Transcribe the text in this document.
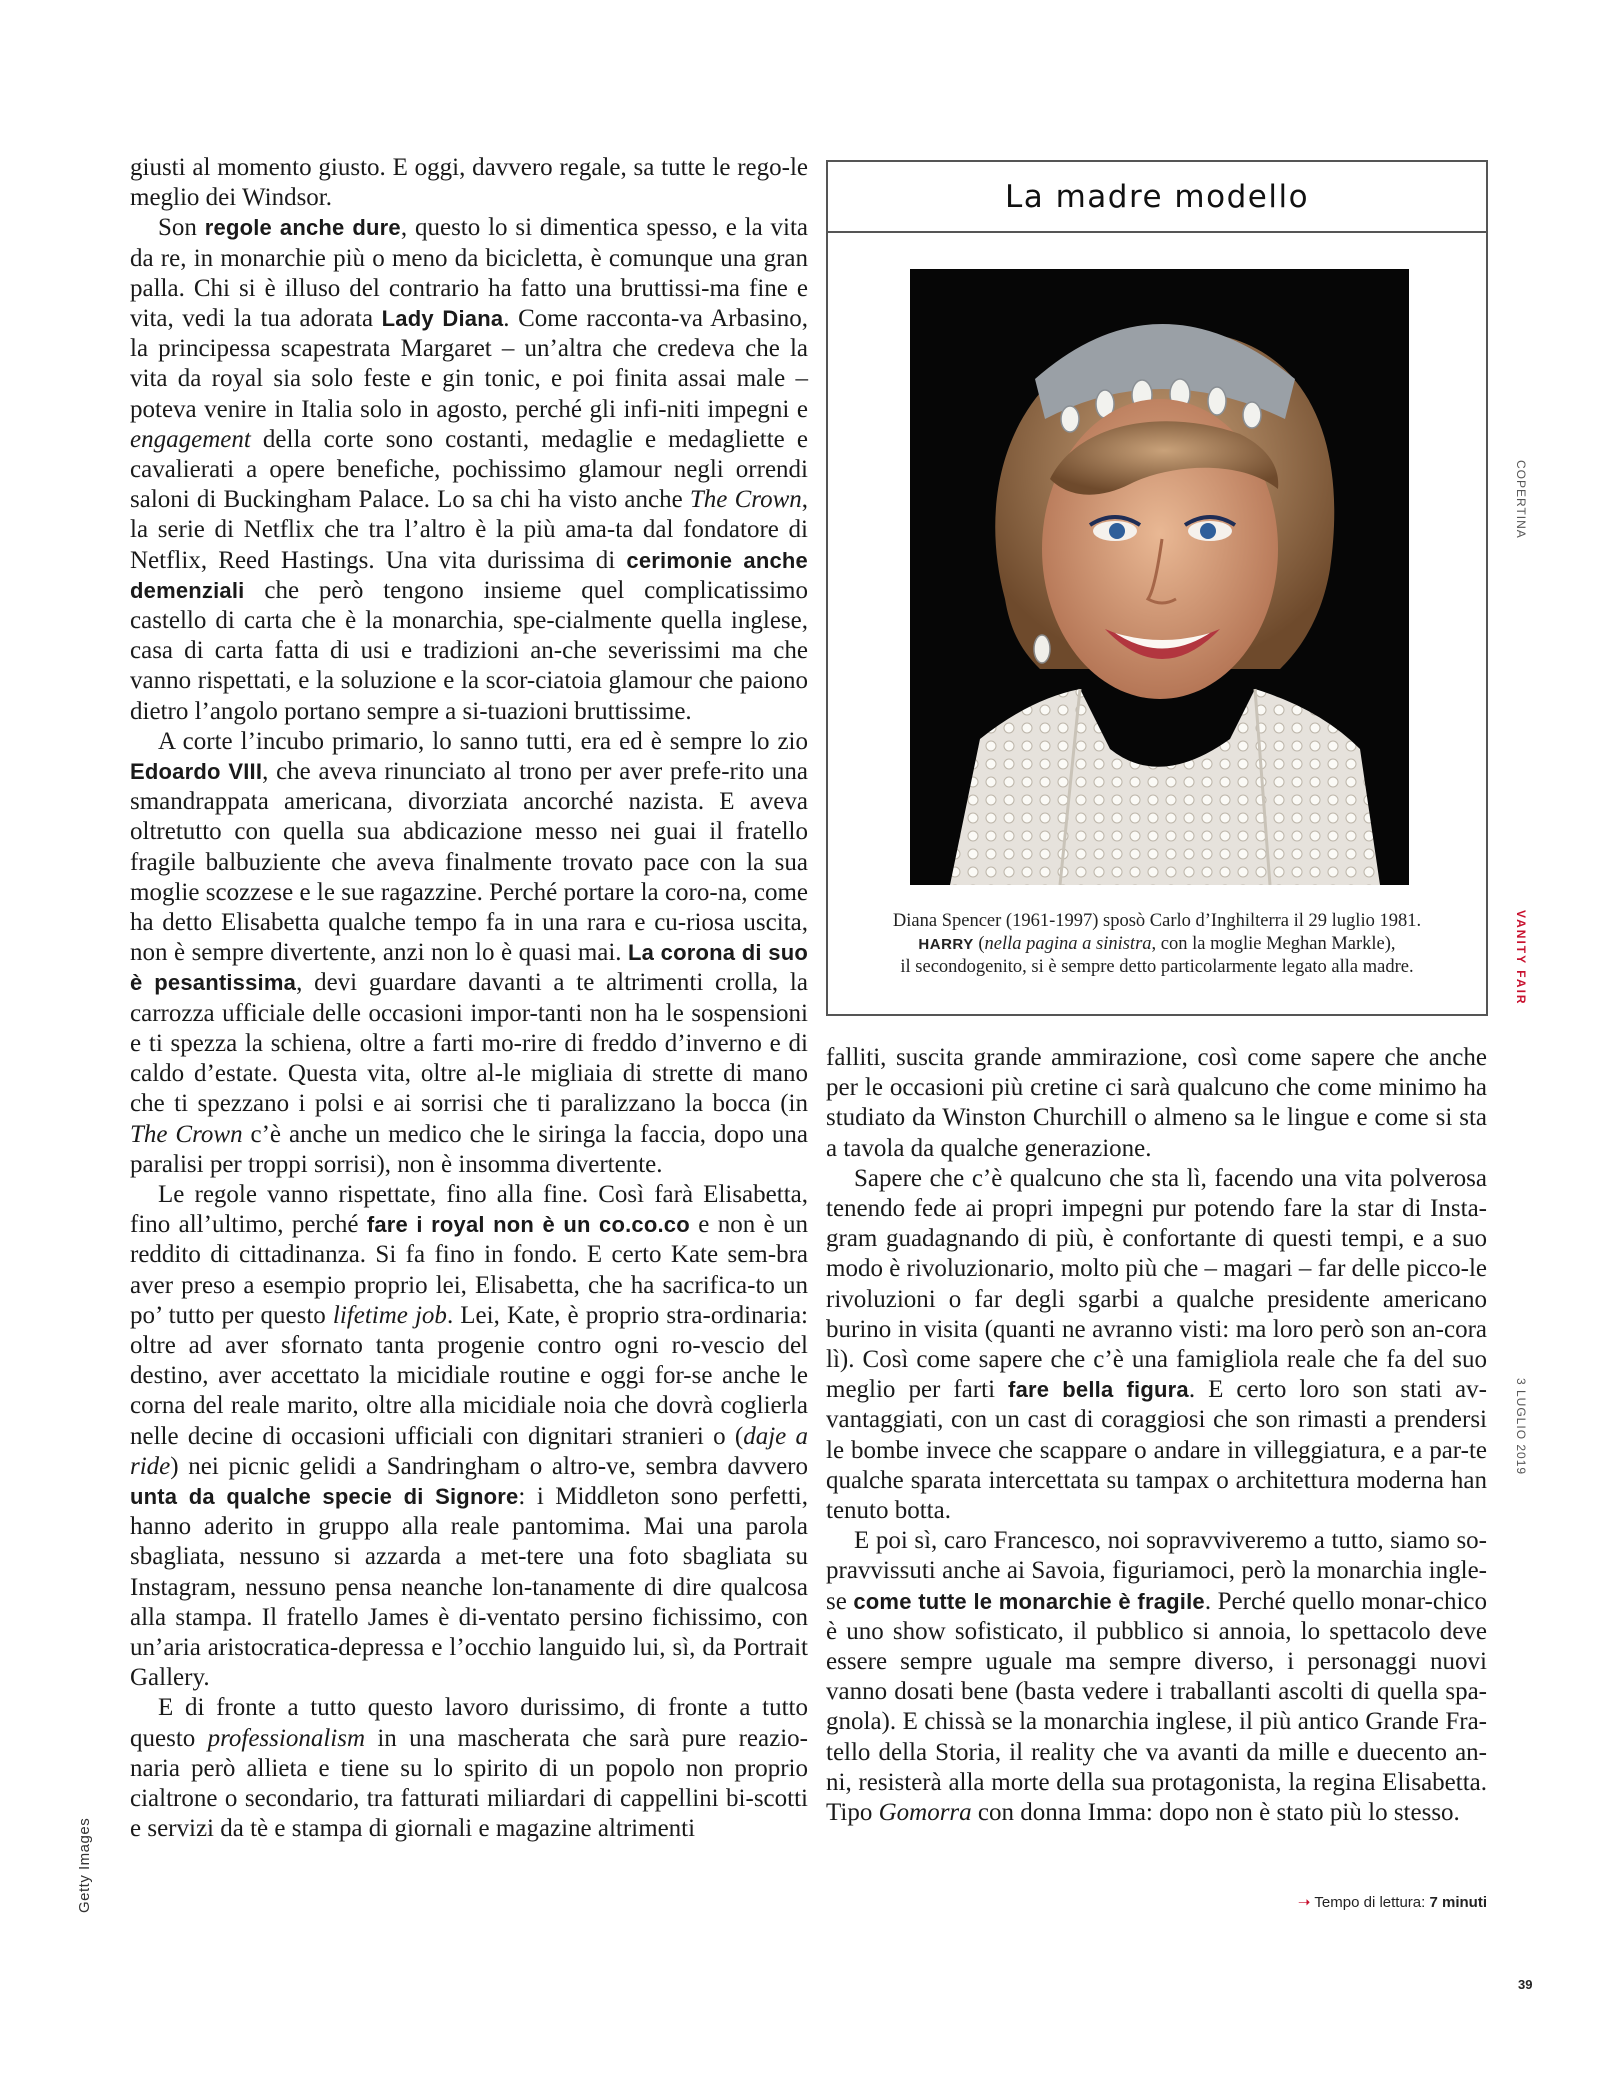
giusti al momento giusto. E oggi, davvero regale, sa tutte le rego-le meglio dei Windsor.

Son regole anche dure, questo lo si dimentica spesso, e la vita da re, in monarchie più o meno da bicicletta, è comunque una gran palla. Chi si è illuso del contrario ha fatto una bruttissi-ma fine e vita, vedi la tua adorata Lady Diana. Come racconta-va Arbasino, la principessa scapestrata Margaret – un’altra che credeva che la vita da royal sia solo feste e gin tonic, e poi finita assai male – poteva venire in Italia solo in agosto, perché gli infi-niti impegni e engagement della corte sono costanti, medaglie e medagliette e cavalierati a opere benefiche, pochissimo glamour negli orrendi saloni di Buckingham Palace. Lo sa chi ha visto anche The Crown, la serie di Netflix che tra l’altro è la più ama-ta dal fondatore di Netflix, Reed Hastings. Una vita durissima di cerimonie anche demenziali che però tengono insieme quel complicatissimo castello di carta che è la monarchia, spe-cialmente quella inglese, casa di carta fatta di usi e tradizioni an-che severissimi ma che vanno rispettati, e la soluzione e la scor-ciatoia glamour che paiono dietro l’angolo portano sempre a si-tuazioni bruttissime.

A corte l’incubo primario, lo sanno tutti, era ed è sempre lo zio Edoardo VIII, che aveva rinunciato al trono per aver prefe-rito una smandrappata americana, divorziata ancorché nazista. E aveva oltretutto con quella sua abdicazione messo nei guai il fratello fragile balbuziente che aveva finalmente trovato pace con la sua moglie scozzese e le sue ragazzine. Perché portare la coro-na, come ha detto Elisabetta qualche tempo fa in una rara e cu-riosa uscita, non è sempre divertente, anzi non lo è quasi mai. La corona di suo è pesantissima, devi guardare davanti a te altrimenti crolla, la carrozza ufficiale delle occasioni impor-tanti non ha le sospensioni e ti spezza la schiena, oltre a farti mo-rire di freddo d’inverno e di caldo d’estate. Questa vita, oltre al-le migliaia di strette di mano che ti spezzano i polsi e ai sorrisi che ti paralizzano la bocca (in The Crown c’è anche un medico che le siringa la faccia, dopo una paralisi per troppi sorrisi), non è insomma divertente.

Le regole vanno rispettate, fino alla fine. Così farà Elisabetta, fino all’ultimo, perché fare i royal non è un co.co.co e non è un reddito di cittadinanza. Si fa fino in fondo. E certo Kate sem-bra aver preso a esempio proprio lei, Elisabetta, che ha sacrifica-to un po’ tutto per questo lifetime job. Lei, Kate, è proprio stra-ordinaria: oltre ad aver sfornato tanta progenie contro ogni ro-vescio del destino, aver accettato la micidiale routine e oggi for-se anche le corna del reale marito, oltre alla micidiale noia che dovrà coglierla nelle decine di occasioni ufficiali con dignitari stranieri o (daje a ride) nei picnic gelidi a Sandringham o altro-ve, sembra davvero unta da qualche specie di Signore: i Middleton sono perfetti, hanno aderito in gruppo alla reale pantomima. Mai una parola sbagliata, nessuno si azzarda a met-tere una foto sbagliata su Instagram, nessuno pensa neanche lon-tanamente di dire qualcosa alla stampa. Il fratello James è di-ventato persino fichissimo, con un’aria aristocratica-depressa e l’occhio languido lui, sì, da Portrait Gallery.

E di fronte a tutto questo lavoro durissimo, di fronte a tutto questo professionalism in una mascherata che sarà pure reazio-naria però allieta e tiene su lo spirito di un popolo non proprio cialtrone o secondario, tra fatturati miliardari di cappellini bi-scotti e servizi da tè e stampa di giornali e magazine altrimenti

La madre modello
Diana Spencer (1961-1997) sposò Carlo d’Inghilterra il 29 luglio 1981.
HARRY (nella pagina a sinistra, con la moglie Meghan Markle),
il secondogenito, si è sempre detto particolarmente legato alla madre.

falliti, suscita grande ammirazione, così come sapere che anche per le occasioni più cretine ci sarà qualcuno che come minimo ha studiato da Winston Churchill o almeno sa le lingue e come si sta a tavola da qualche generazione.

Sapere che c’è qualcuno che sta lì, facendo una vita polverosa tenendo fede ai propri impegni pur potendo fare la star di Insta-gram guadagnando di più, è confortante di questi tempi, e a suo modo è rivoluzionario, molto più che – magari – far delle picco-le rivoluzioni o far degli sgarbi a qualche presidente americano burino in visita (quanti ne avranno visti: ma loro però son an-cora lì). Così come sapere che c’è una famigliola reale che fa del suo meglio per farti fare bella figura. E certo loro son stati av-vantaggiati, con un cast di coraggiosi che son rimasti a prendersi le bombe invece che scappare o andare in villeggiatura, e a par-te qualche sparata intercettata su tampax o architettura moderna han tenuto botta.

E poi sì, caro Francesco, noi sopravviveremo a tutto, siamo so-pravvissuti anche ai Savoia, figuriamoci, però la monarchia ingle-se come tutte le monarchie è fragile. Perché quello monar-chico è uno show sofisticato, il pubblico si annoia, lo spettacolo deve essere sempre uguale ma sempre diverso, i personaggi nuovi vanno dosati bene (basta vedere i traballanti ascolti di quella spa-gnola). E chissà se la monarchia inglese, il più antico Grande Fra-tello della Storia, il reality che va avanti da mille e duecento an-ni, resisterà alla morte della sua protagonista, la regina Elisabetta. Tipo Gomorra con donna Imma: dopo non è stato più lo stesso.

COPERTINA
VANITY FAIR
3 LUGLIO 2019
Getty Images	➝ Tempo di lettura: 7 minuti
39
